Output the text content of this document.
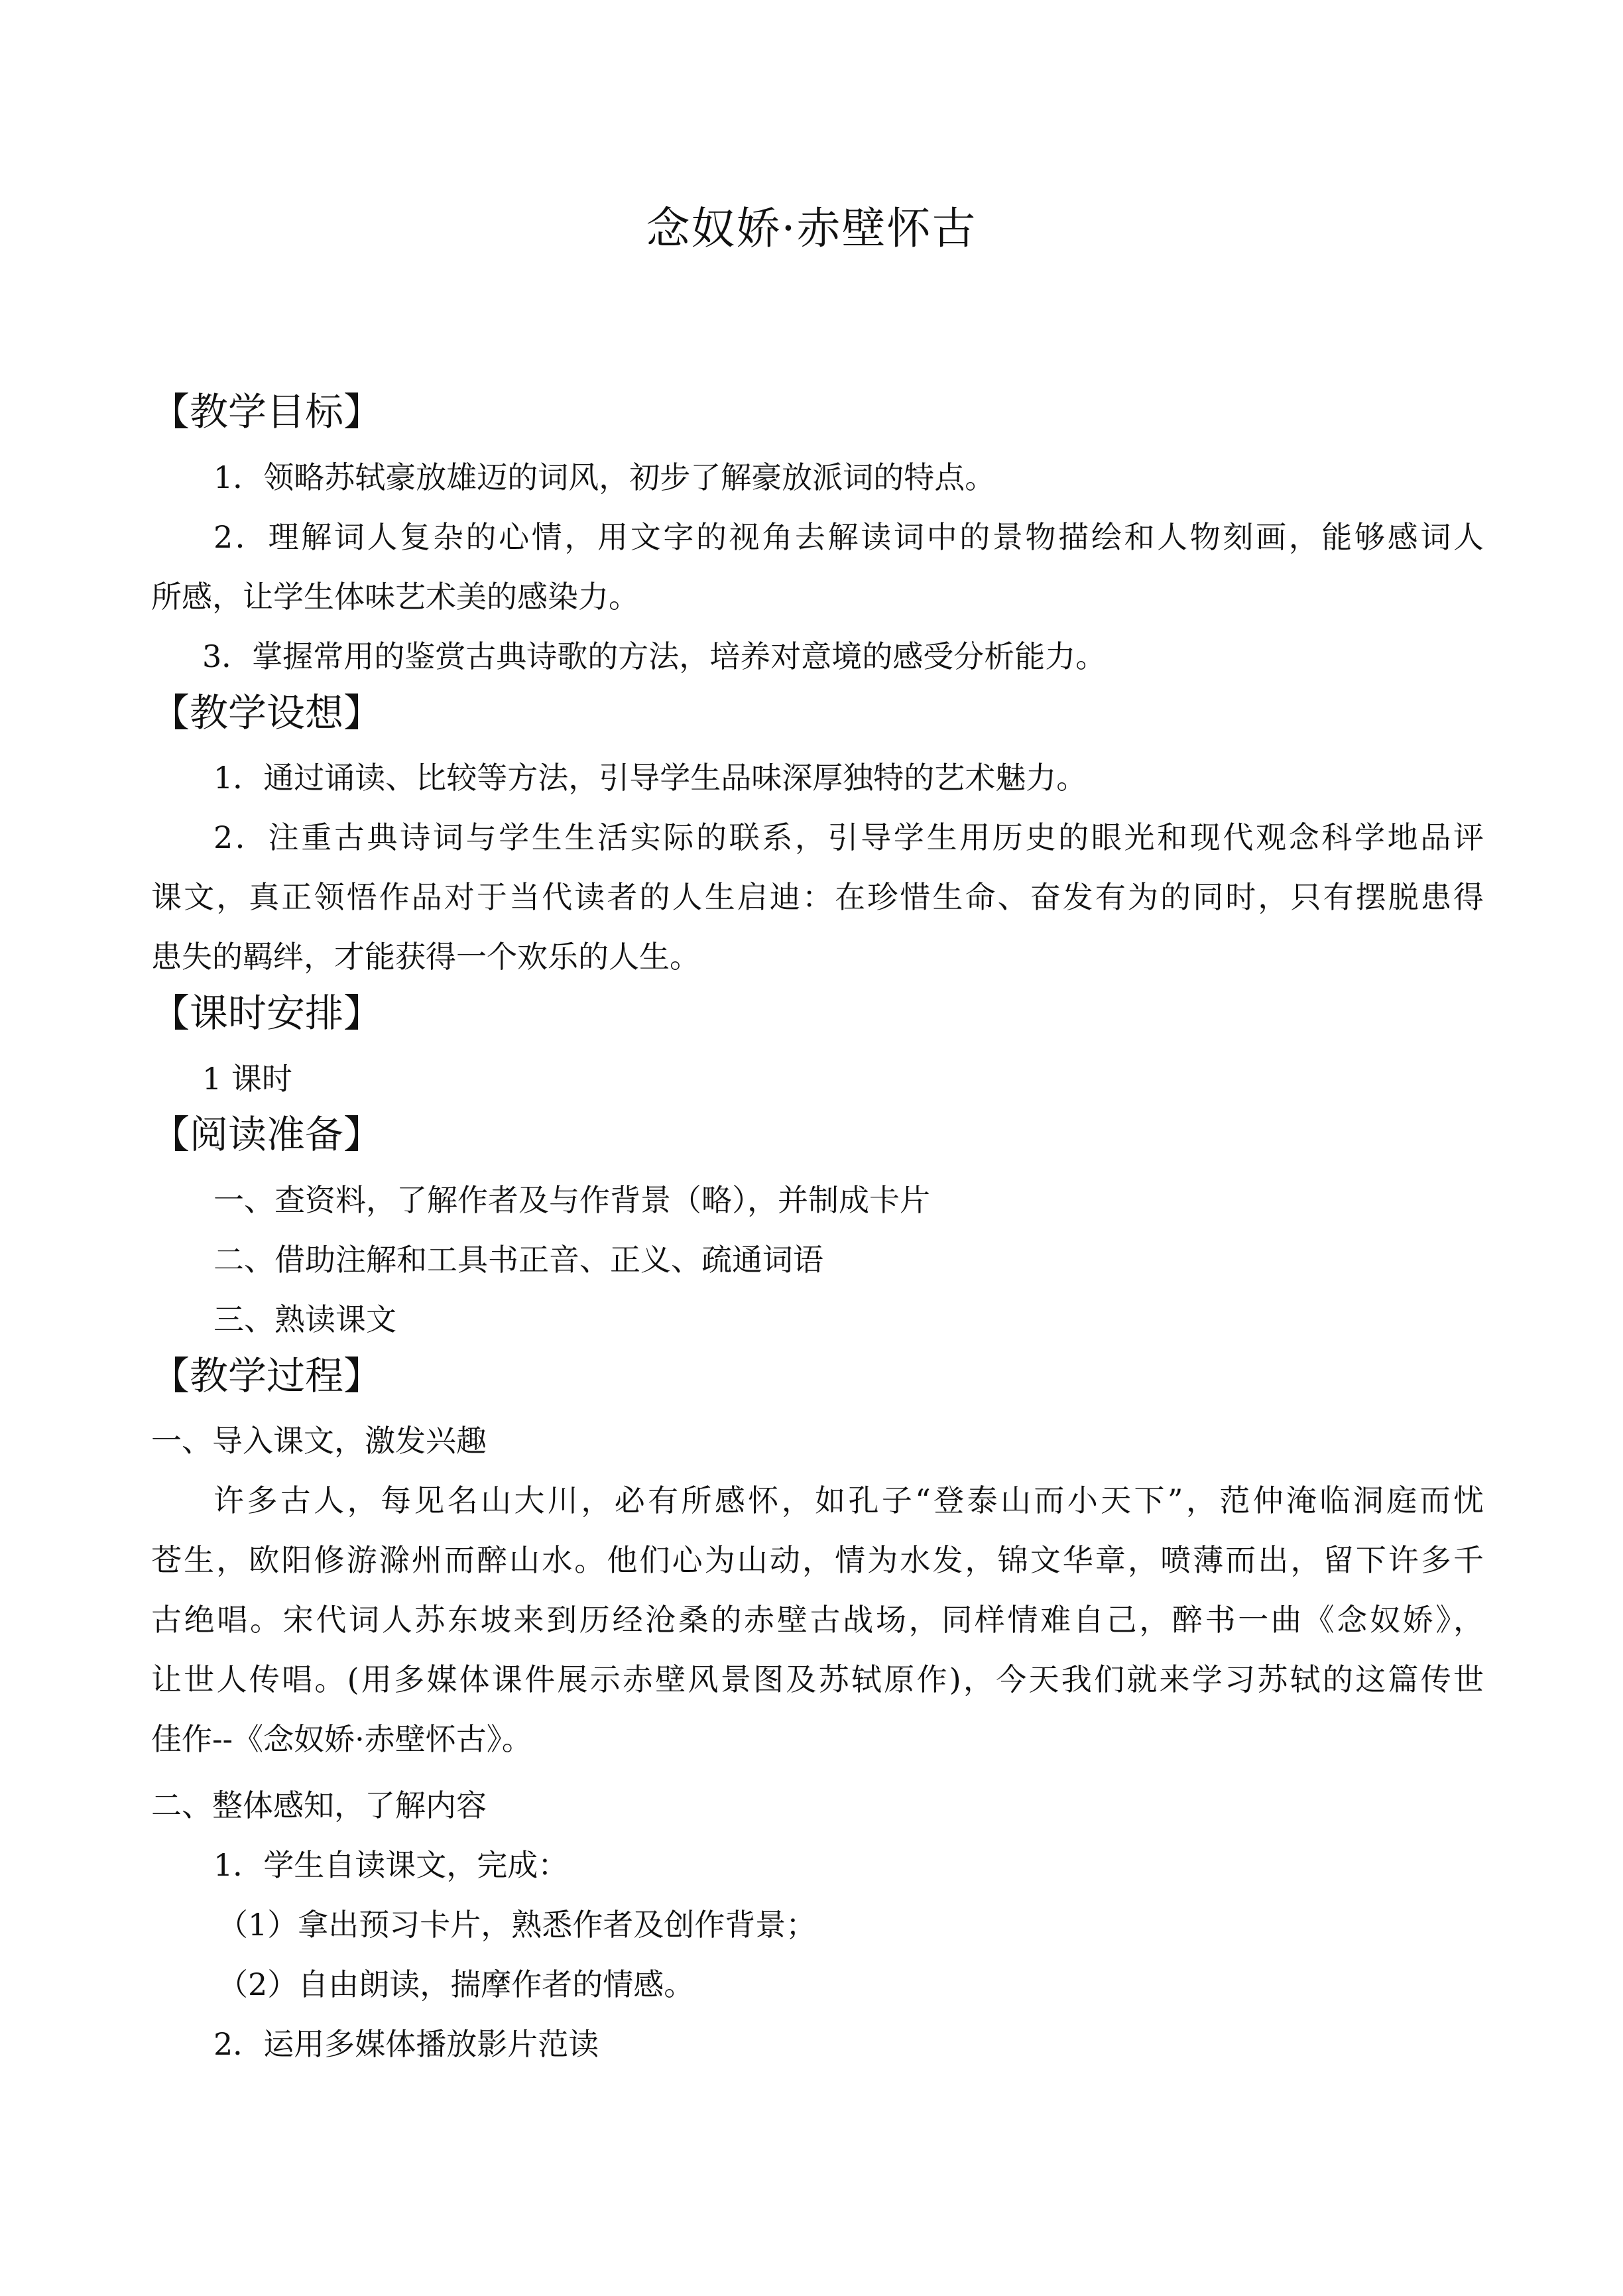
念奴娇·赤壁怀古
【教学目标】
1．领略苏轼豪放雄迈的词风，初步了解豪放派词的特点。
2．理解词人复杂的心情，用文字的视角去解读词中的景物描绘和人物刻画，能够感词人
所感，让学生体味艺术美的感染力。
3．掌握常用的鉴赏古典诗歌的方法，培养对意境的感受分析能力。
【教学设想】
1．通过诵读、比较等方法，引导学生品味深厚独特的艺术魅力。
2．注重古典诗词与学生生活实际的联系，引导学生用历史的眼光和现代观念科学地品评
课文，真正领悟作品对于当代读者的人生启迪：在珍惜生命、奋发有为的同时，只有摆脱患得
患失的羁绊，才能获得一个欢乐的人生。
【课时安排】
1 课时
【阅读准备】
一、查资料，了解作者及与作背景（略），并制成卡片
二、借助注解和工具书正音、正义、疏通词语
三、熟读课文
【教学过程】
一、导入课文，激发兴趣
许多古人，每见名山大川，必有所感怀，如孔子“登泰山而小天下”，范仲淹临洞庭而忧
苍生，欧阳修游滁州而醉山水。他们心为山动，情为水发，锦文华章，喷薄而出，留下许多千
古绝唱。宋代词人苏东坡来到历经沧桑的赤壁古战场，同样情难自己，醉书一曲《念奴娇》，
让世人传唱。(用多媒体课件展示赤壁风景图及苏轼原作)，今天我们就来学习苏轼的这篇传世
佳作--《念奴娇·赤壁怀古》。
二、整体感知，了解内容
1．学生自读课文，完成：
（1）拿出预习卡片，熟悉作者及创作背景；
（2）自由朗读，揣摩作者的情感。
2．运用多媒体播放影片范读
